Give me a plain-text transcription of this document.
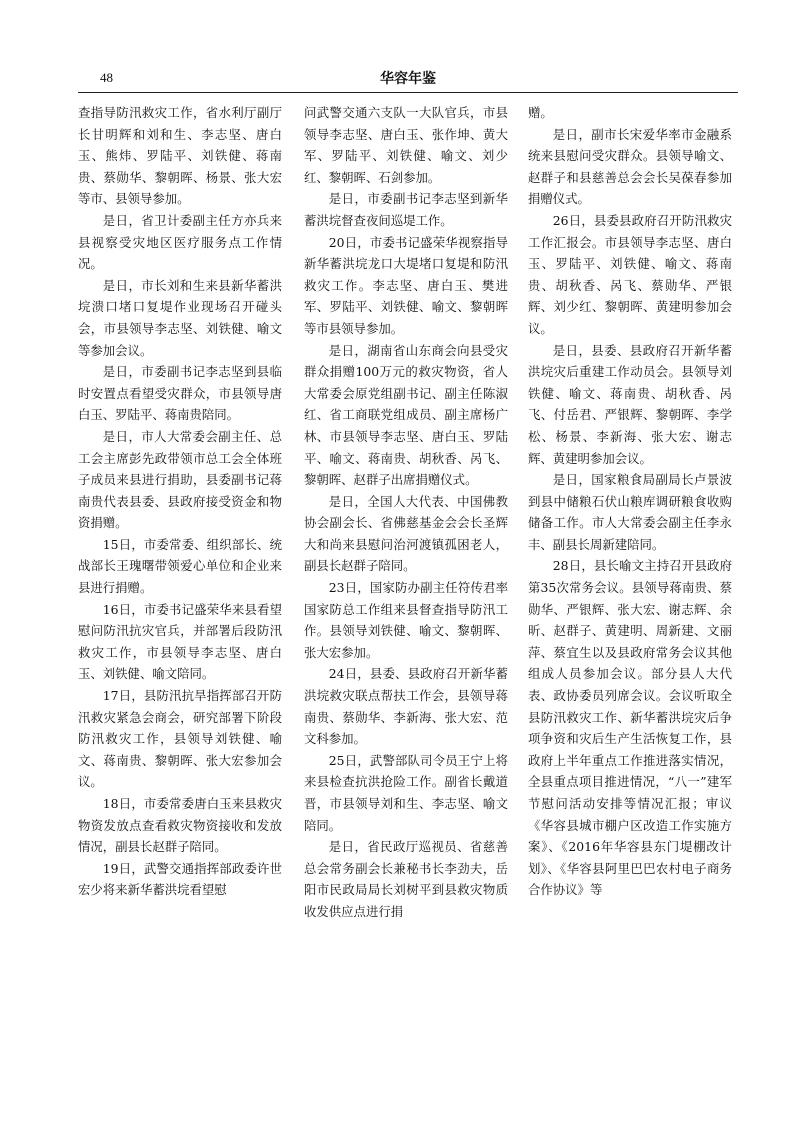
48	华容年鉴

查指导防汛救灾工作，省水利厅副厅长甘明辉和刘和生、李志坚、唐白玉、熊炜、罗陆平、刘铁健、蒋南贵、蔡勋华、黎朝晖、杨景、张大宏等市、县领导参加。

是日，省卫计委副主任方亦兵来县视察受灾地区医疗服务点工作情况。

是日，市长刘和生来县新华蓄洪垸溃口堵口复堤作业现场召开碰头会，市县领导李志坚、刘铁健、喻文等参加会议。

是日，市委副书记李志坚到县临时安置点看望受灾群众，市县领导唐白玉、罗陆平、蒋南贵陪同。

是日，市人大常委会副主任、总工会主席彭先政带领市总工会全体班子成员来县进行捐助，县委副书记蒋南贵代表县委、县政府接受资金和物资捐赠。

15日，市委常委、组织部长、统战部长王瑰曙带领爱心单位和企业来县进行捐赠。

16日，市委书记盛荣华来县看望慰问防汛抗灾官兵，并部署后段防汛救灾工作，市县领导李志坚、唐白玉、刘铁健、喻文陪同。

17日，县防汛抗旱指挥部召开防汛救灾紧急会商会，研究部署下阶段防汛救灾工作，县领导刘铁健、喻文、蒋南贵、黎朝晖、张大宏参加会议。

18日，市委常委唐白玉来县救灾物资发放点查看救灾物资接收和发放情况，副县长赵群子陪同。

19日，武警交通指挥部政委许世宏少将来新华蓄洪垸看望慰

问武警交通六支队一大队官兵，市县领导李志坚、唐白玉、张作坤、黄大军、罗陆平、刘铁健、喻文、刘少红、黎朝晖、石剑参加。

是日，市委副书记李志坚到新华蓄洪垸督查夜间巡堤工作。

20日，市委书记盛荣华视察指导新华蓄洪垸龙口大堤堵口复堤和防汛救灾工作。李志坚、唐白玉、樊进军、罗陆平、刘铁健、喻文、黎朝晖等市县领导参加。

是日，湖南省山东商会向县受灾群众捐赠100万元的救灾物资，省人大常委会原党组副书记、副主任陈淑红、省工商联党组成员、副主席杨广林、市县领导李志坚、唐白玉、罗陆平、喻文、蒋南贵、胡秋香、呙飞、黎朝晖、赵群子出席捐赠仪式。

是日，全国人大代表、中国佛教协会副会长、省佛慈基金会会长圣辉大和尚来县慰问治河渡镇孤困老人，副县长赵群子陪同。

23日，国家防办副主任符传君率国家防总工作组来县督查指导防汛工作。县领导刘铁健、喻文、黎朝晖、张大宏参加。

24日，县委、县政府召开新华蓄洪垸救灾联点帮扶工作会，县领导蒋南贵、蔡勋华、李新海、张大宏、范文科参加。

25日，武警部队司令员王宁上将来县检查抗洪抢险工作。副省长戴道晋，市县领导刘和生、李志坚、喻文陪同。

是日，省民政厅巡视员、省慈善总会常务副会长兼秘书长李劲夫，岳阳市民政局局长刘树平到县救灾物质收发供应点进行捐

赠。

是日，副市长宋爱华率市金融系统来县慰问受灾群众。县领导喻文、赵群子和县慈善总会会长吴葆春参加捐赠仪式。

26日，县委县政府召开防汛救灾工作汇报会。市县领导李志坚、唐白玉、罗陆平、刘铁健、喻文、蒋南贵、胡秋香、呙飞、蔡勋华、严银辉、刘少红、黎朝晖、黄建明参加会议。

是日，县委、县政府召开新华蓄洪垸灾后重建工作动员会。县领导刘铁健、喻文、蒋南贵、胡秋香、呙飞、付岳君、严银辉、黎朝晖、李学松、杨景、李新海、张大宏、谢志辉、黄建明参加会议。

是日，国家粮食局副局长卢景波到县中储粮石伏山粮库调研粮食收购储备工作。市人大常委会副主任李永丰、副县长周新建陪同。

28日，县长喻文主持召开县政府第35次常务会议。县领导蒋南贵、蔡勋华、严银辉、张大宏、谢志辉、余昕、赵群子、黄建明、周新建、文丽萍、蔡宜生以及县政府常务会议其他组成人员参加会议。部分县人大代表、政协委员列席会议。会议听取全县防汛救灾工作、新华蓄洪垸灾后争项争资和灾后生产生活恢复工作，县政府上半年重点工作推进落实情况，全县重点项目推进情况，“八一”建军节慰问活动安排等情况汇报；审议《华容县城市棚户区改造工作实施方案》、《2016年华容县东门堤棚改计划》、《华容县阿里巴巴农村电子商务合作协议》等
